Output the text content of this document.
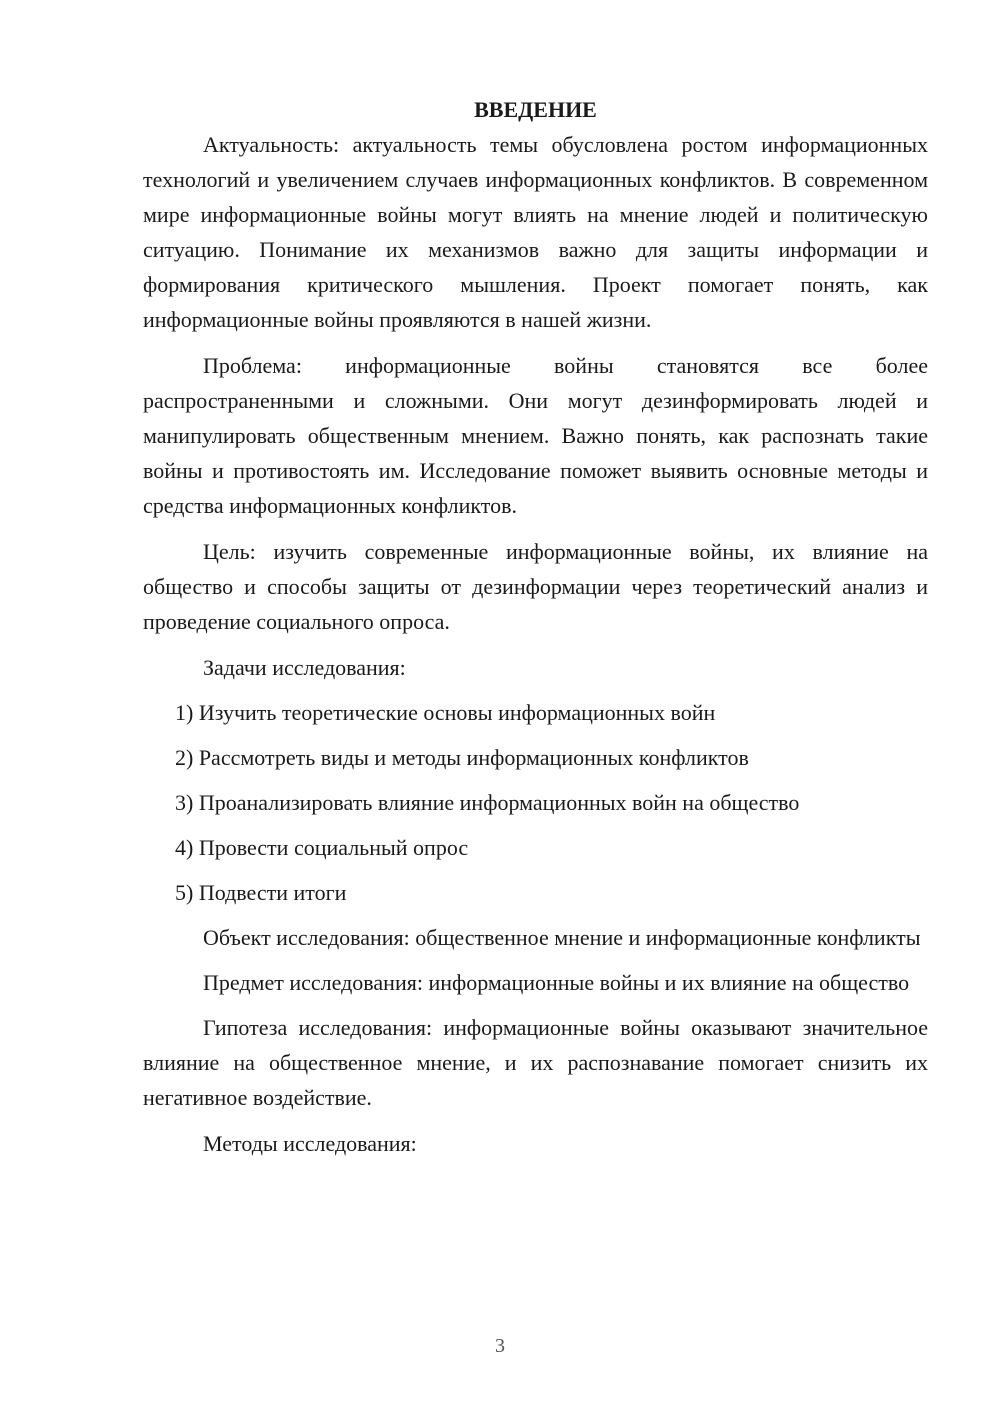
ВВЕДЕНИЕ

Актуальность: актуальность темы обусловлена ростом информационных технологий и увеличением случаев информационных конфликтов. В современном мире информационные войны могут влиять на мнение людей и политическую ситуацию. Понимание их механизмов важно для защиты информации и формирования критического мышления. Проект помогает понять, как информационные войны проявляются в нашей жизни.

Проблема: информационные войны становятся все более распространенными и сложными. Они могут дезинформировать людей и манипулировать общественным мнением. Важно понять, как распознать такие войны и противостоять им. Исследование поможет выявить основные методы и средства информационных конфликтов.

Цель: изучить современные информационные войны, их влияние на общество и способы защиты от дезинформации через теоретический анализ и проведение социального опроса.

Задачи исследования:

1) Изучить теоретические основы информационных войн

2) Рассмотреть виды и методы информационных конфликтов

3) Проанализировать влияние информационных войн на общество

4) Провести социальный опрос

5) Подвести итоги

Объект исследования: общественное мнение и информационные конфликты

Предмет исследования: информационные войны и их влияние на общество

Гипотеза исследования: информационные войны оказывают значительное влияние на общественное мнение, и их распознавание помогает снизить их негативное воздействие.

Методы исследования:

3
